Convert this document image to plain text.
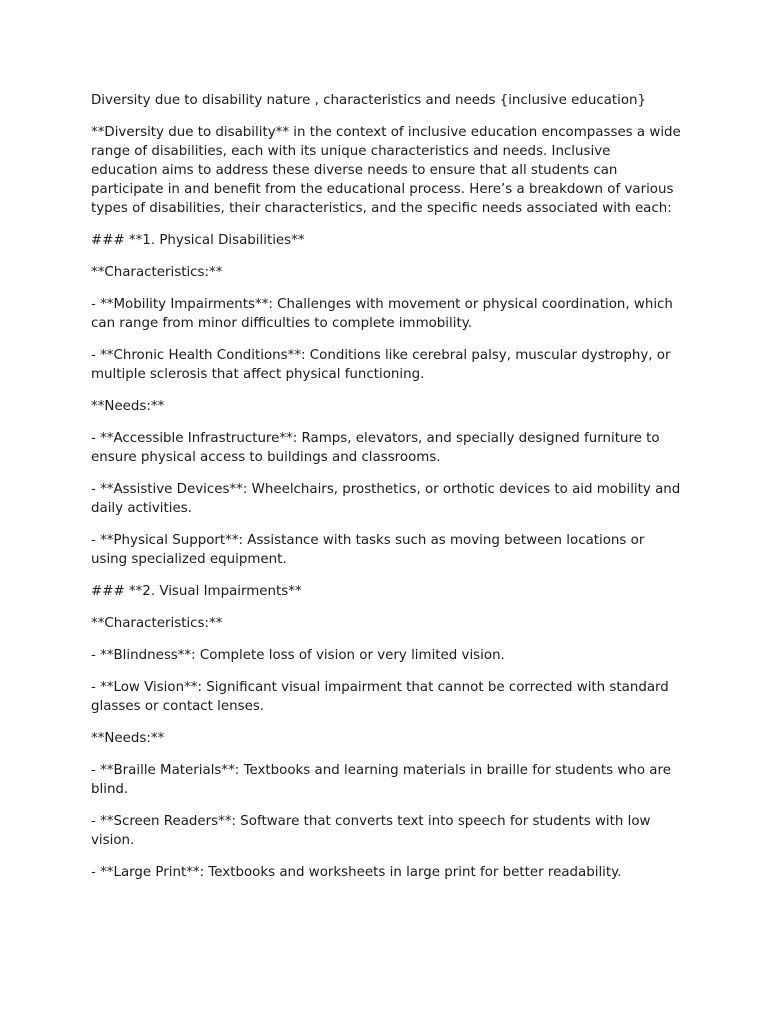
Diversity due to disability nature , characteristics and needs {inclusive education}

**Diversity due to disability** in the context of inclusive education encompasses a wide range of disabilities, each with its unique characteristics and needs. Inclusive education aims to address these diverse needs to ensure that all students can participate in and benefit from the educational process. Here’s a breakdown of various types of disabilities, their characteristics, and the specific needs associated with each:

### **1. Physical Disabilities**

**Characteristics:**

- **Mobility Impairments**: Challenges with movement or physical coordination, which can range from minor difficulties to complete immobility.

- **Chronic Health Conditions**: Conditions like cerebral palsy, muscular dystrophy, or multiple sclerosis that affect physical functioning.

**Needs:**

- **Accessible Infrastructure**: Ramps, elevators, and specially designed furniture to ensure physical access to buildings and classrooms.

- **Assistive Devices**: Wheelchairs, prosthetics, or orthotic devices to aid mobility and daily activities.

- **Physical Support**: Assistance with tasks such as moving between locations or using specialized equipment.

### **2. Visual Impairments**

**Characteristics:**

- **Blindness**: Complete loss of vision or very limited vision.

- **Low Vision**: Significant visual impairment that cannot be corrected with standard glasses or contact lenses.

**Needs:**

- **Braille Materials**: Textbooks and learning materials in braille for students who are blind.

- **Screen Readers**: Software that converts text into speech for students with low vision.

- **Large Print**: Textbooks and worksheets in large print for better readability.
